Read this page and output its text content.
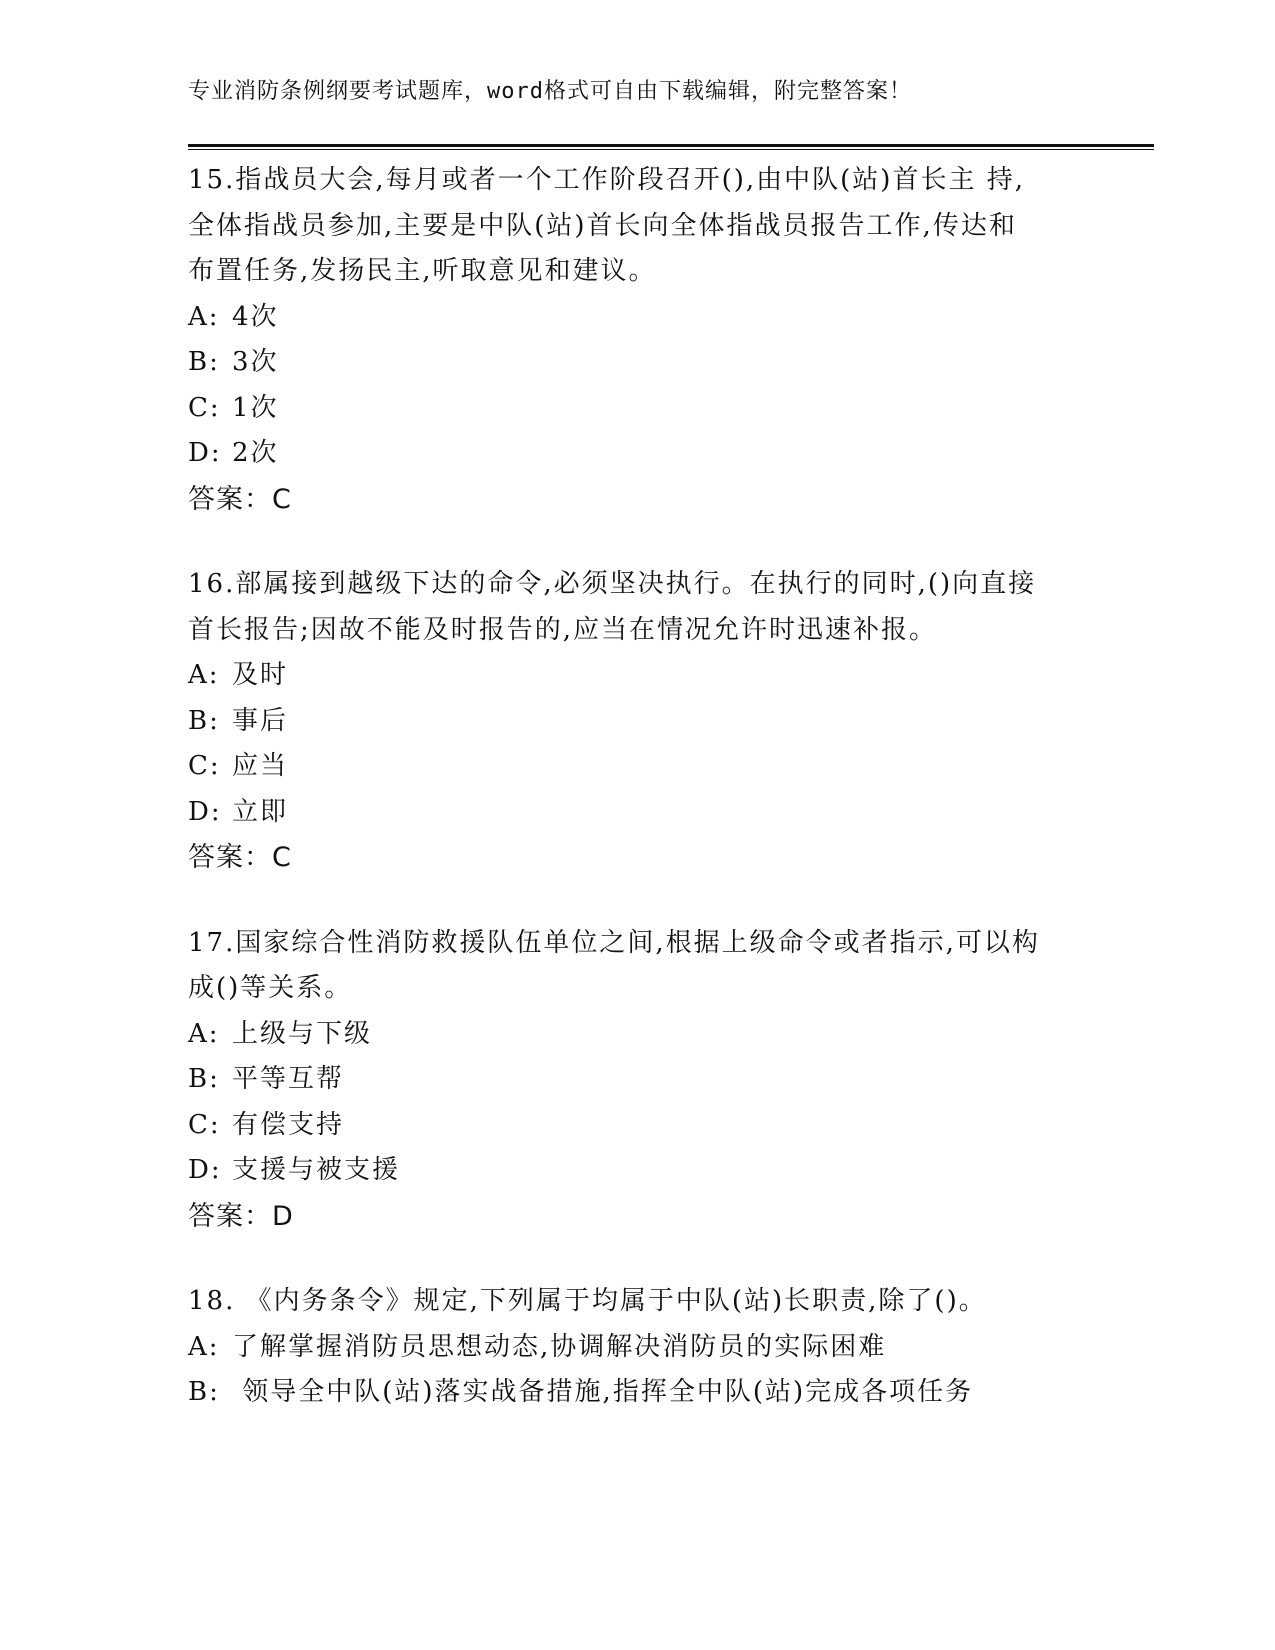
专业消防条例纲要考试题库，word格式可自由下载编辑，附完整答案！
15.指战员大会,每月或者一个工作阶段召开(),由中队(站)首长主 持,
全体指战员参加,主要是中队(站)首长向全体指战员报告工作,传达和
布置任务,发扬民主,听取意见和建议。
A: 4次
B: 3次
C: 1次
D: 2次
答案：C
16.部属接到越级下达的命令,必须坚决执行。在执行的同时,()向直接
首长报告;因故不能及时报告的,应当在情况允许时迅速补报。
A: 及时
B: 事后
C: 应当
D: 立即
答案：C
17.国家综合性消防救援队伍单位之间,根据上级命令或者指示,可以构
成()等关系。
A: 上级与下级
B: 平等互帮
C: 有偿支持
D: 支援与被支援
答案：D
18. 《内务条令》规定,下列属于均属于中队(站)长职责,除了()。
A: 了解掌握消防员思想动态,协调解决消防员的实际困难
B: 领导全中队(站)落实战备措施,指挥全中队(站)完成各项任务
